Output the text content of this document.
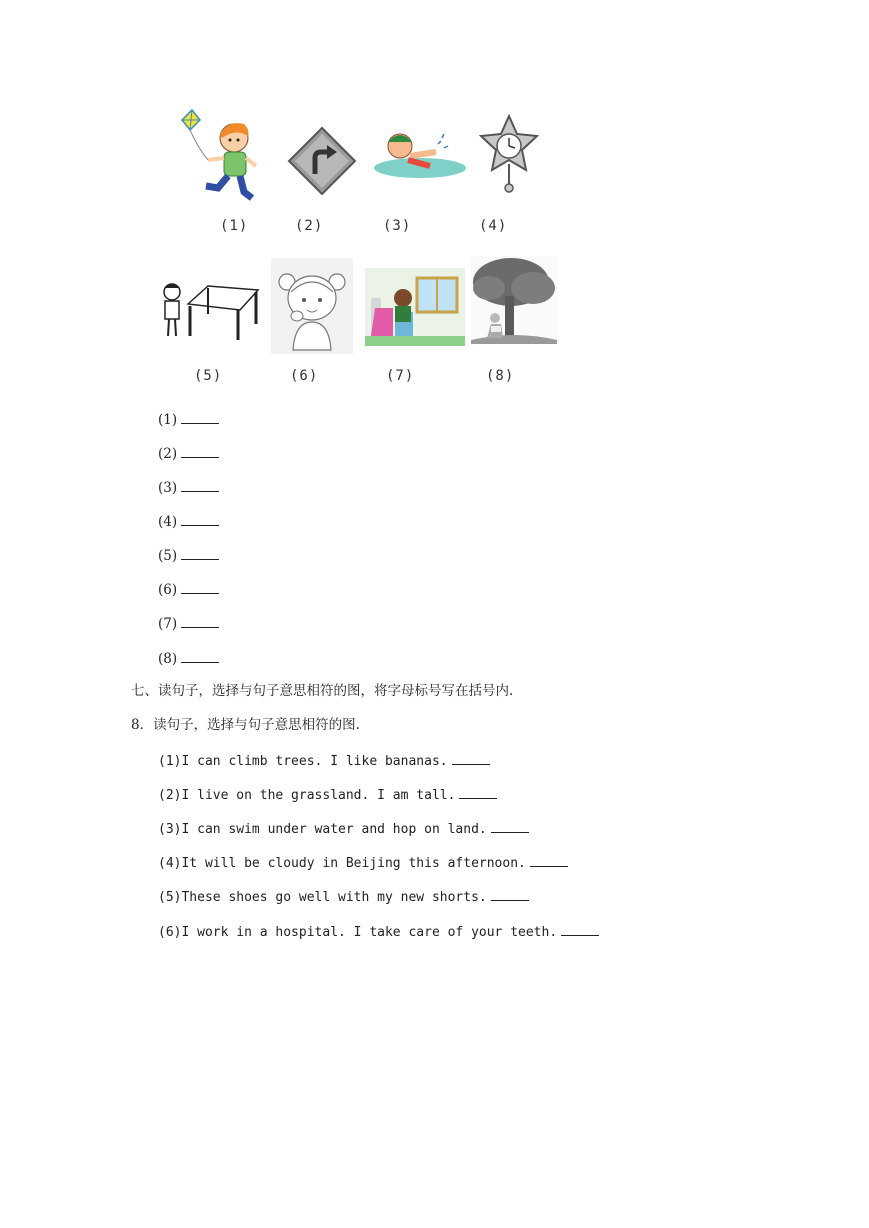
(1)	(2)	(3)	(4)
(5)	(6)	(7)	(8)
(1)
(2)
(3)
(4)
(5)
(6)
(7)
(8)
七、读句子，选择与句子意思相符的图，将字母标号写在括号内.
8．读句子，选择与句子意思相符的图.
(1)I can climb trees. I like bananas.
(2)I live on the grassland. I am tall.
(3)I can swim under water and hop on land.
(4)It will be cloudy in Beijing this afternoon.
(5)These shoes go well with my new shorts.
(6)I work in a hospital. I take care of your teeth.
